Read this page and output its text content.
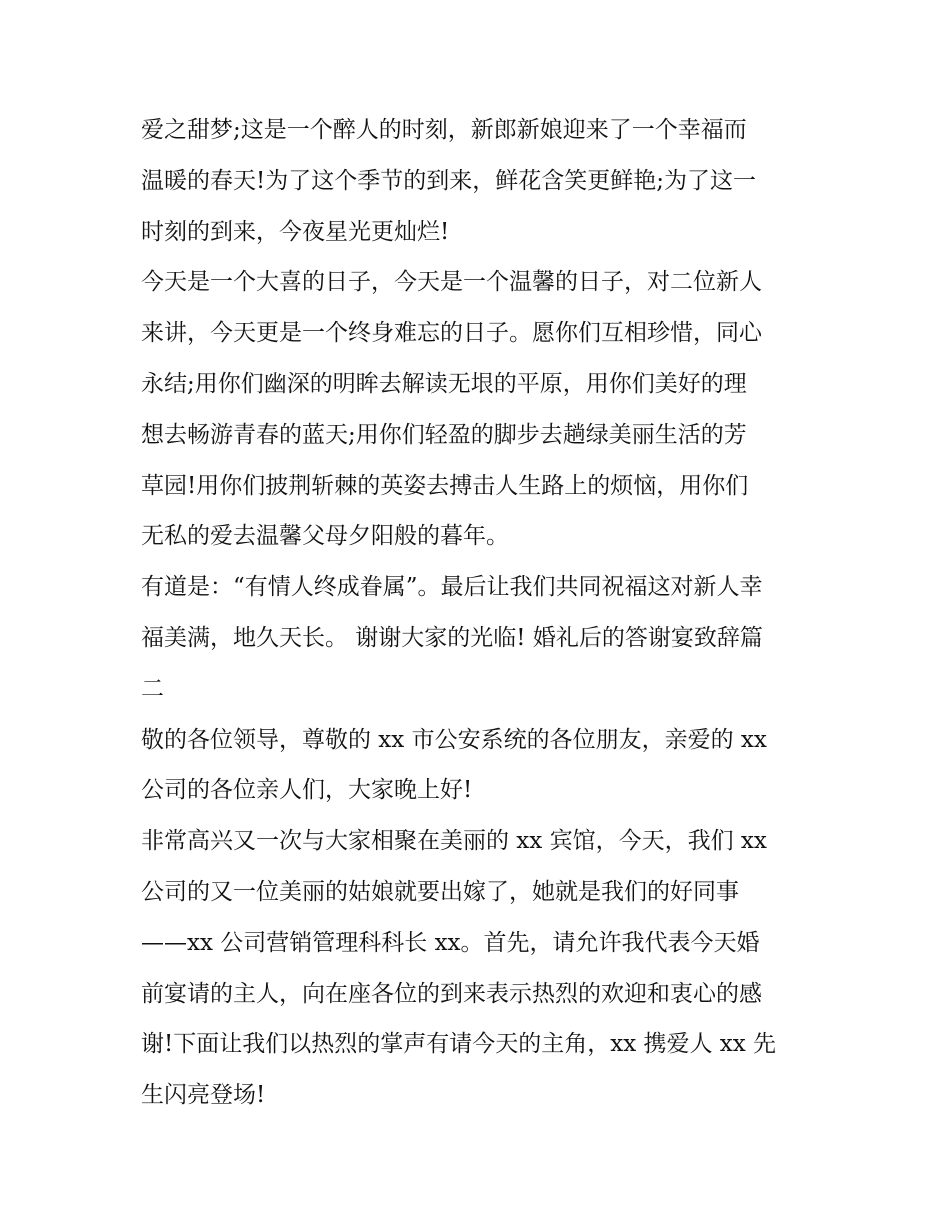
爱之甜梦;这是一个醉人的时刻，新郎新娘迎来了一个幸福而
温暖的春天!为了这个季节的到来，鲜花含笑更鲜艳;为了这一
时刻的到来，今夜星光更灿烂!
今天是一个大喜的日子，今天是一个温馨的日子，对二位新人
来讲，今天更是一个终身难忘的日子。愿你们互相珍惜，同心
永结;用你们幽深的明眸去解读无垠的平原，用你们美好的理
想去畅游青春的蓝天;用你们轻盈的脚步去趟绿美丽生活的芳
草园!用你们披荆斩棘的英姿去搏击人生路上的烦恼，用你们
无私的爱去温馨父母夕阳般的暮年。
有道是：“有情人终成眷属”。最后让我们共同祝福这对新人幸
福美满，地久天长。 谢谢大家的光临! 婚礼后的答谢宴致辞篇
二
敬的各位领导，尊敬的 xx 市公安系统的各位朋友，亲爱的 xx
公司的各位亲人们，大家晚上好!
非常高兴又一次与大家相聚在美丽的 xx 宾馆，今天，我们 xx
公司的又一位美丽的姑娘就要出嫁了，她就是我们的好同事
——xx 公司营销管理科科长 xx。首先，请允许我代表今天婚
前宴请的主人，向在座各位的到来表示热烈的欢迎和衷心的感
谢!下面让我们以热烈的掌声有请今天的主角，xx 携爱人 xx 先
生闪亮登场!
